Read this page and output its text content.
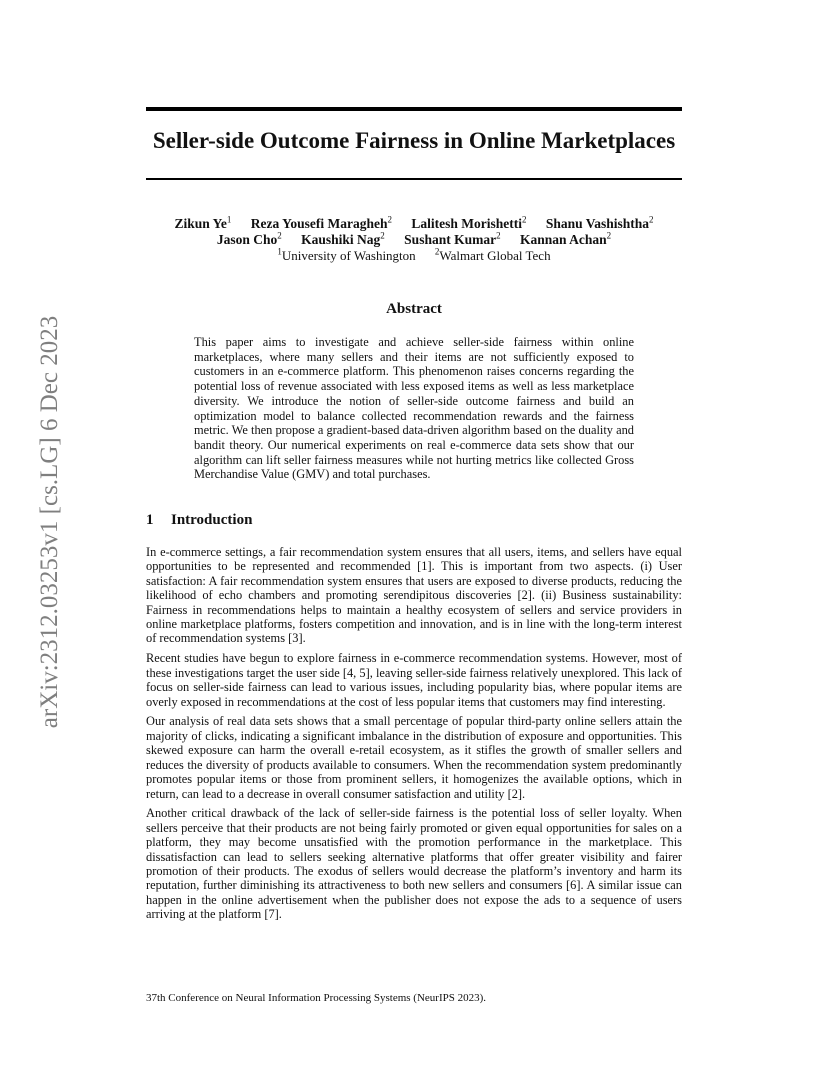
arXiv:2312.03253v1 [cs.LG] 6 Dec 2023
Seller-side Outcome Fairness in Online Marketplaces
Zikun Ye$^1$ Reza Yousefi Maragheh$^2$ Lalitesh Morishetti$^2$ Shanu Vashishtha$^2$
Jason Cho$^2$ Kaushiki Nag$^2$ Sushant Kumar$^2$ Kannan Achan$^2$
$^1$University of Washington $^2$Walmart Global Tech
Abstract

This paper aims to investigate and achieve seller-side fairness within online marketplaces, where many sellers and their items are not sufficiently exposed to customers in an e-commerce platform. This phenomenon raises concerns regarding the potential loss of revenue associated with less exposed items as well as less marketplace diversity. We introduce the notion of seller-side outcome fairness and build an optimization model to balance collected recommendation rewards and the fairness metric. We then propose a gradient-based data-driven algorithm based on the duality and bandit theory. Our numerical experiments on real e-commerce data sets show that our algorithm can lift seller fairness measures while not hurting metrics like collected Gross Merchandise Value (GMV) and total purchases.

1 Introduction

In e-commerce settings, a fair recommendation system ensures that all users, items, and sellers have equal opportunities to be represented and recommended [1]. This is important from two aspects. (i) User satisfaction: A fair recommendation system ensures that users are exposed to diverse products, reducing the likelihood of echo chambers and promoting serendipitous discoveries [2]. (ii) Business sustainability: Fairness in recommendations helps to maintain a healthy ecosystem of sellers and service providers in online marketplace platforms, fosters competition and innovation, and is in line with the long-term interest of recommendation systems [3].

Recent studies have begun to explore fairness in e-commerce recommendation systems. However, most of these investigations target the user side [4, 5], leaving seller-side fairness relatively unexplored. This lack of focus on seller-side fairness can lead to various issues, including popularity bias, where popular items are overly exposed in recommendations at the cost of less popular items that customers may find interesting.

Our analysis of real data sets shows that a small percentage of popular third-party online sellers attain the majority of clicks, indicating a significant imbalance in the distribution of exposure and opportunities. This skewed exposure can harm the overall e-retail ecosystem, as it stifles the growth of smaller sellers and reduces the diversity of products available to consumers. When the recommendation system predominantly promotes popular items or those from prominent sellers, it homogenizes the available options, which in return, can lead to a decrease in overall consumer satisfaction and utility [2].

Another critical drawback of the lack of seller-side fairness is the potential loss of seller loyalty. When sellers perceive that their products are not being fairly promoted or given equal opportunities for sales on a platform, they may become unsatisfied with the promotion performance in the marketplace. This dissatisfaction can lead to sellers seeking alternative platforms that offer greater visibility and fairer promotion of their products. The exodus of sellers would decrease the platform’s inventory and harm its reputation, further diminishing its attractiveness to both new sellers and consumers [6]. A similar issue can happen in the online advertisement when the publisher does not expose the ads to a sequence of users arriving at the platform [7].

37th Conference on Neural Information Processing Systems (NeurIPS 2023).
